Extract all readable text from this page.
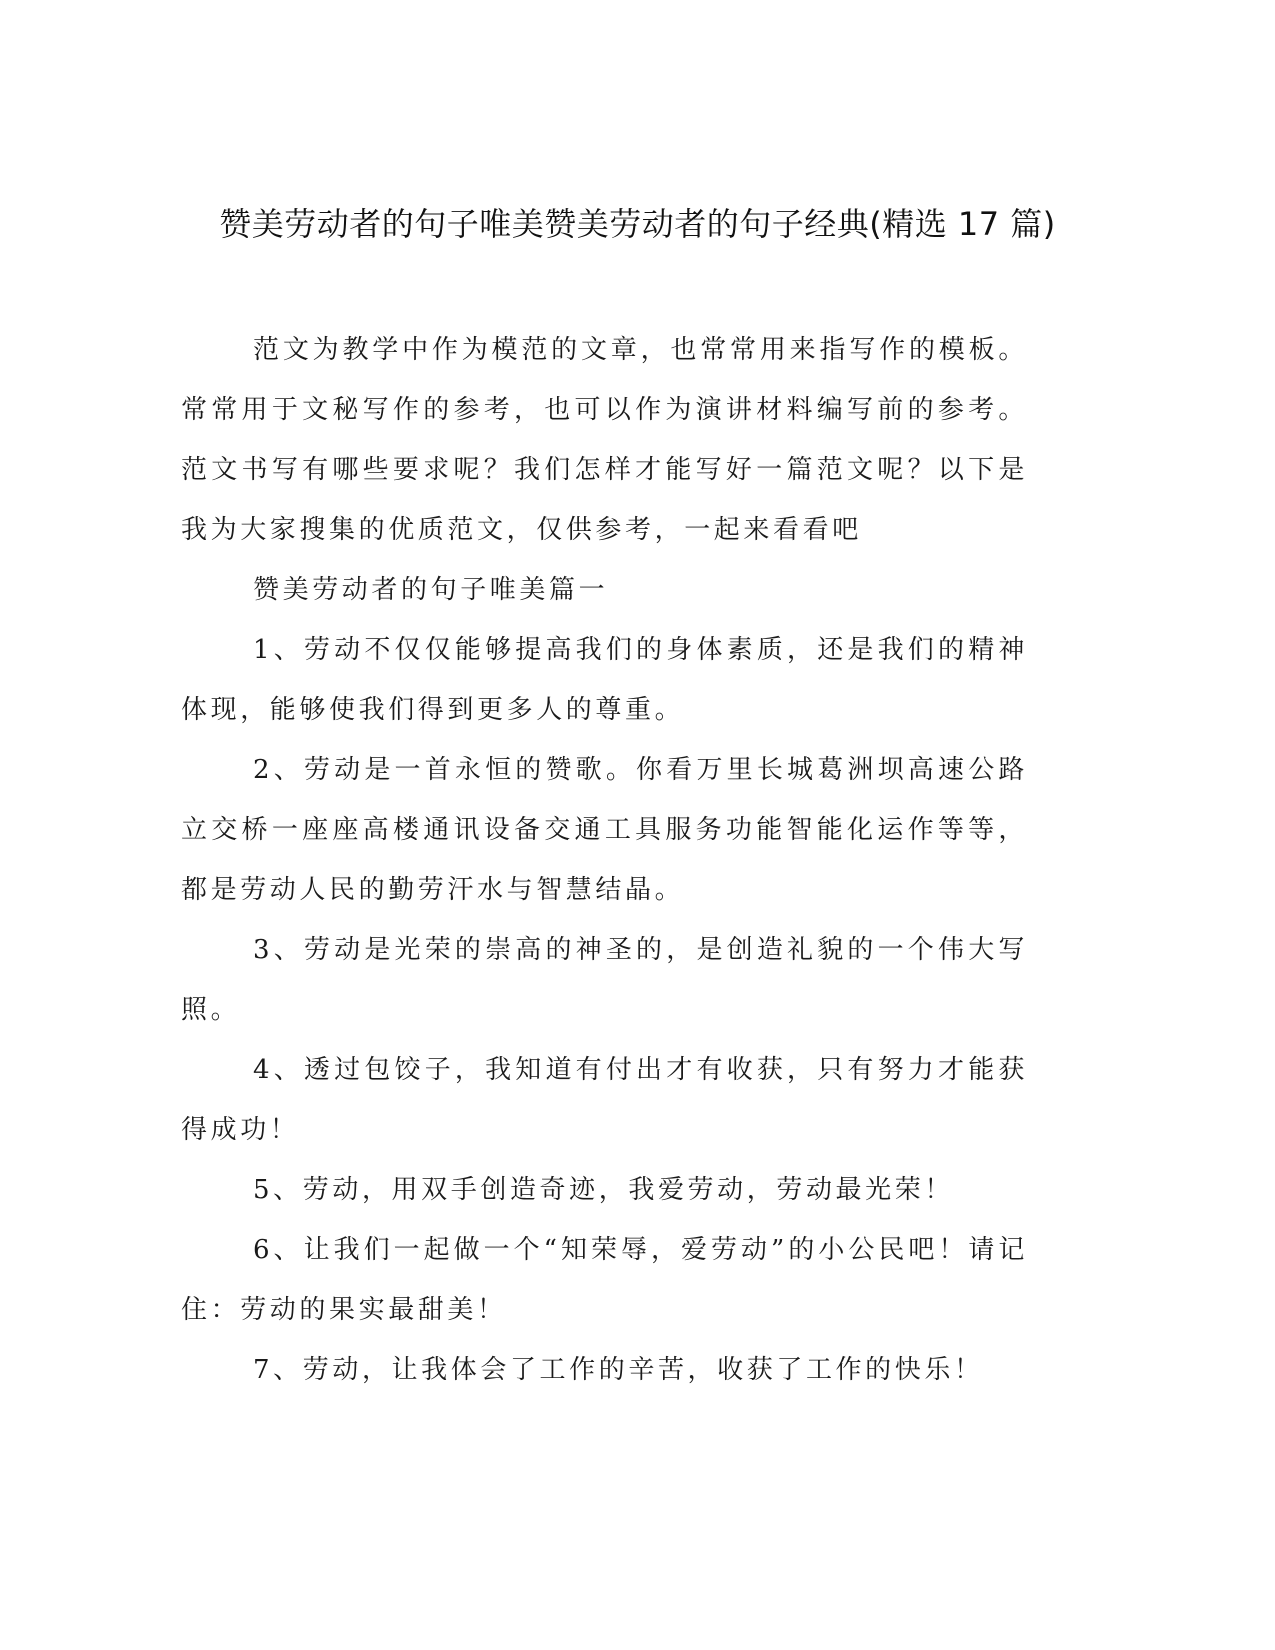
赞美劳动者的句子唯美赞美劳动者的句子经典(精选 17 篇)

范文为教学中作为模范的文章，也常常用来指写作的模板。常常用于文秘写作的参考，也可以作为演讲材料编写前的参考。范文书写有哪些要求呢？我们怎样才能写好一篇范文呢？以下是我为大家搜集的优质范文，仅供参考，一起来看看吧

赞美劳动者的句子唯美篇一

1、劳动不仅仅能够提高我们的身体素质，还是我们的精神体现，能够使我们得到更多人的尊重。

2、劳动是一首永恒的赞歌。你看万里长城葛洲坝高速公路立交桥一座座高楼通讯设备交通工具服务功能智能化运作等等，都是劳动人民的勤劳汗水与智慧结晶。

3、劳动是光荣的崇高的神圣的，是创造礼貌的一个伟大写照。

4、透过包饺子，我知道有付出才有收获，只有努力才能获得成功！

5、劳动，用双手创造奇迹，我爱劳动，劳动最光荣！

6、让我们一起做一个“知荣辱，爱劳动”的小公民吧！请记住：劳动的果实最甜美！

7、劳动，让我体会了工作的辛苦，收获了工作的快乐！
